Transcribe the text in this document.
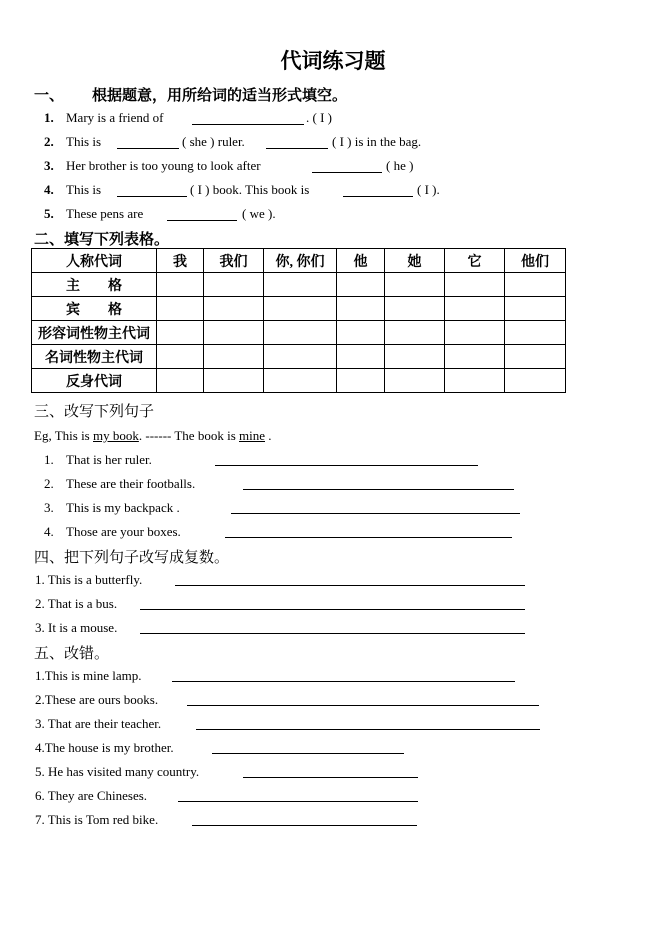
代词练习题
一、 根据题意，用所给词的适当形式填空。
1. Mary is a friend of	. ( I )
2. This is	( she ) ruler.	( I ) is in the bag.
3. Her brother is too young to look after	( he )
4. This is	( I ) book. This book is	( I ).
5. These pens are	( we ).
二、填写下列表格。
人称代词	我	我们	你, 你们	他	她	它	他们
主　　格							
宾　　格							
形容词性物主代词							
名词性物主代词							
反身代词							
三、改写下列句子
Eg, This is my book. ------ The book is mine .
1. That is her ruler.
2. These are their footballs.
3. This is my backpack .
4. Those are your boxes.
四、把下列句子改写成复数。
1. This is a butterfly.
2. That is a bus.
3. It is a mouse.
五、改错。
1.This is mine lamp.
2.These are ours books.
3. That are their teacher.
4.The house is my brother.
5. He has visited many country.
6. They are Chineses.
7. This is Tom red bike.
